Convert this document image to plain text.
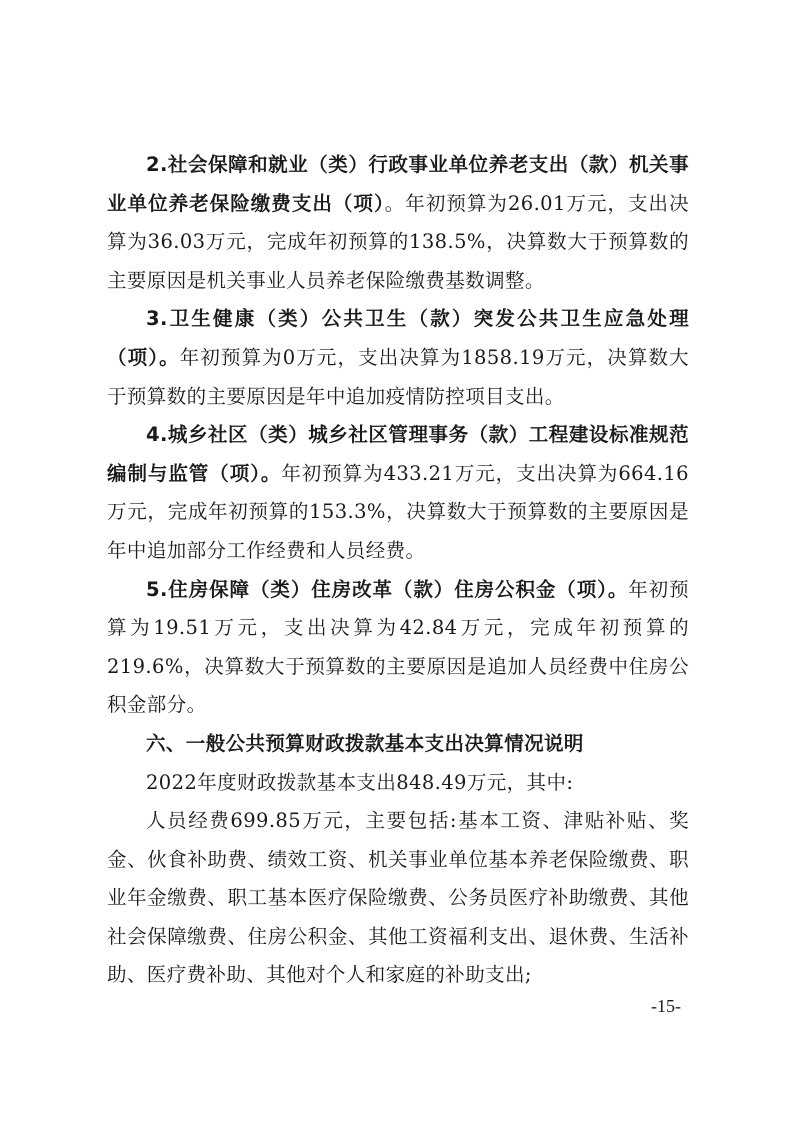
2.社会保障和就业（类）行政事业单位养老支出（款）机关事业单位养老保险缴费支出（项）。年初预算为26.01万元，支出决算为36.03万元，完成年初预算的138.5%，决算数大于预算数的主要原因是机关事业人员养老保险缴费基数调整。

3.卫生健康（类）公共卫生（款）突发公共卫生应急处理（项）。年初预算为0万元，支出决算为1858.19万元，决算数大于预算数的主要原因是年中追加疫情防控项目支出。

4.城乡社区（类）城乡社区管理事务（款）工程建设标准规范编制与监管（项）。年初预算为433.21万元，支出决算为664.16万元，完成年初预算的153.3%，决算数大于预算数的主要原因是年中追加部分工作经费和人员经费。

5.住房保障（类）住房改革（款）住房公积金（项）。年初预算为19.51万元，支出决算为42.84万元，完成年初预算的219.6%，决算数大于预算数的主要原因是追加人员经费中住房公积金部分。

六、一般公共预算财政拨款基本支出决算情况说明

2022年度财政拨款基本支出848.49万元，其中:

人员经费699.85万元，主要包括:基本工资、津贴补贴、奖金、伙食补助费、绩效工资、机关事业单位基本养老保险缴费、职业年金缴费、职工基本医疗保险缴费、公务员医疗补助缴费、其他社会保障缴费、住房公积金、其他工资福利支出、退休费、生活补助、医疗费补助、其他对个人和家庭的补助支出;

-15-
